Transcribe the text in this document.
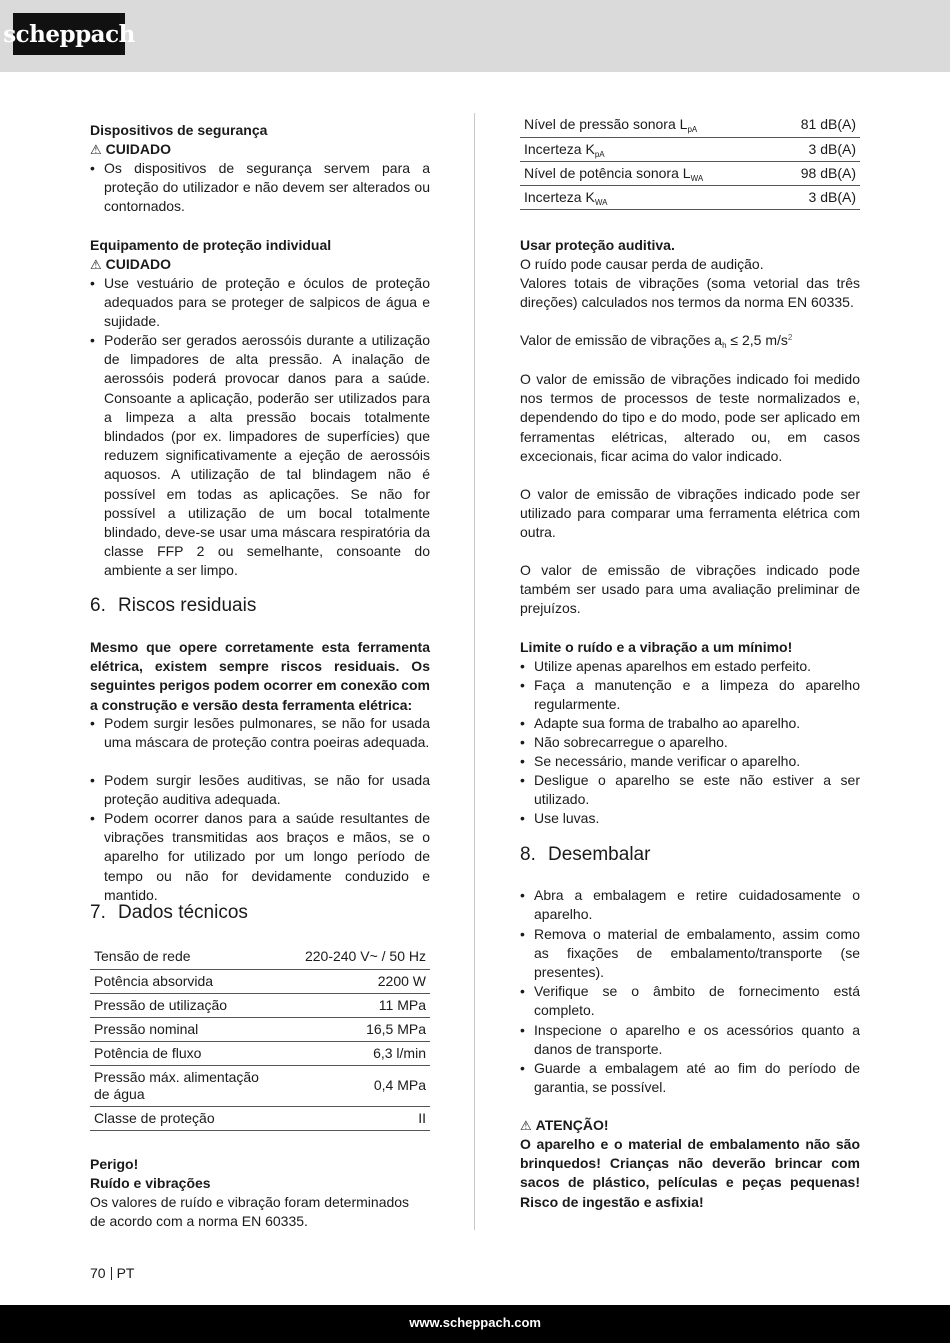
scheppach
Dispositivos de segurança
⚠ CUIDADO
• Os dispositivos de segurança servem para a proteção do utilizador e não devem ser alterados ou contornados.
Equipamento de proteção individual
⚠ CUIDADO
• Use vestuário de proteção e óculos de proteção adequados para se proteger de salpicos de água e sujidade.
• Poderão ser gerados aerossóis durante a utilização de limpadores de alta pressão. A inalação de aerossóis poderá provocar danos para a saúde. Consoante a aplicação, poderão ser utilizados para a limpeza a alta pressão bocais totalmente blindados (por ex. limpadores de superfícies) que reduzem significativamente a ejeção de aerossóis aquosos. A utilização de tal blindagem não é possível em todas as aplicações. Se não for possível a utilização de um bocal totalmente blindado, deve-se usar uma máscara respiratória da classe FFP 2 ou semelhante, consoante do ambiente a ser limpo.
6. Riscos residuais
Mesmo que opere corretamente esta ferramenta elétrica, existem sempre riscos residuais. Os seguintes perigos podem ocorrer em conexão com a construção e versão desta ferramenta elétrica:
• Podem surgir lesões pulmonares, se não for usada uma máscara de proteção contra poeiras adequada.
• Podem surgir lesões auditivas, se não for usada proteção auditiva adequada.
• Podem ocorrer danos para a saúde resultantes de vibrações transmitidas aos braços e mãos, se o aparelho for utilizado por um longo período de tempo ou não for devidamente conduzido e mantido.
7. Dados técnicos
Tensão de rede	220-240 V~ / 50 Hz
Potência absorvida	2200 W
Pressão de utilização	11 MPa
Pressão nominal	16,5 MPa
Potência de fluxo	6,3 l/min
Pressão máx. alimentação de água	0,4 MPa
Classe de proteção	II
Perigo!
Ruído e vibrações
Os valores de ruído e vibração foram determinados de acordo com a norma EN 60335.
Nível de pressão sonora $L_{pA}$	81 dB(A)
Incerteza $K_{pA}$	3 dB(A)
Nível de potência sonora $L_{WA}$	98 dB(A)
Incerteza $K_{WA}$	3 dB(A)
Usar proteção auditiva.
O ruído pode causar perda de audição.
Valores totais de vibrações (soma vetorial das três direções) calculados nos termos da norma EN 60335.
Valor de emissão de vibrações $a_h \le 2,5$ $m/s^2$
O valor de emissão de vibrações indicado foi medido nos termos de processos de teste normalizados e, dependendo do tipo e do modo, pode ser aplicado em ferramentas elétricas, alterado ou, em casos excecionais, ficar acima do valor indicado.
O valor de emissão de vibrações indicado pode ser utilizado para comparar uma ferramenta elétrica com outra.
O valor de emissão de vibrações indicado pode também ser usado para uma avaliação preliminar de prejuízos.
Limite o ruído e a vibração a um mínimo!
• Utilize apenas aparelhos em estado perfeito.
• Faça a manutenção e a limpeza do aparelho regularmente.
• Adapte sua forma de trabalho ao aparelho.
• Não sobrecarregue o aparelho.
• Se necessário, mande verificar o aparelho.
• Desligue o aparelho se este não estiver a ser utilizado.
• Use luvas.
8. Desembalar
• Abra a embalagem e retire cuidadosamente o aparelho.
• Remova o material de embalamento, assim como as fixações de embalamento/transporte (se presentes).
• Verifique se o âmbito de fornecimento está completo.
• Inspecione o aparelho e os acessórios quanto a danos de transporte.
• Guarde a embalagem até ao fim do período de garantia, se possível.
⚠ ATENÇÃO!
O aparelho e o material de embalamento não são brinquedos! Crianças não deverão brincar com sacos de plástico, películas e peças pequenas! Risco de ingestão e asfixia!
70 PT
www.scheppach.com
